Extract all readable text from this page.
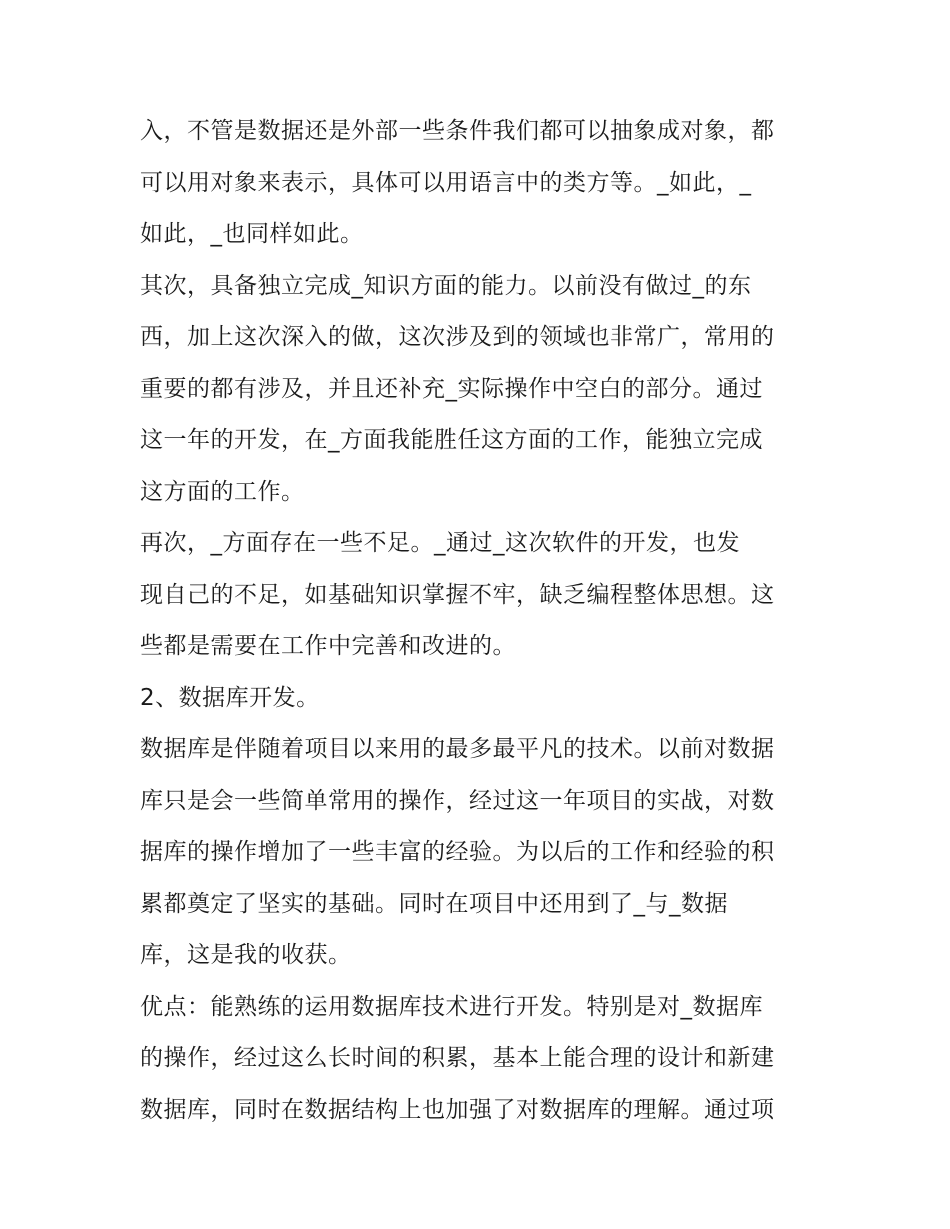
入，不管是数据还是外部一些条件我们都可以抽象成对象，都
可以用对象来表示，具体可以用语言中的类方等。_如此，_
如此，_也同样如此。
其次，具备独立完成_知识方面的能力。以前没有做过_的东
西，加上这次深入的做，这次涉及到的领域也非常广，常用的
重要的都有涉及，并且还补充_实际操作中空白的部分。通过
这一年的开发，在_方面我能胜任这方面的工作，能独立完成
这方面的工作。
再次，_方面存在一些不足。_通过_这次软件的开发，也发
现自己的不足，如基础知识掌握不牢，缺乏编程整体思想。这
些都是需要在工作中完善和改进的。
2、数据库开发。
数据库是伴随着项目以来用的最多最平凡的技术。以前对数据
库只是会一些简单常用的操作，经过这一年项目的实战，对数
据库的操作增加了一些丰富的经验。为以后的工作和经验的积
累都奠定了坚实的基础。同时在项目中还用到了_与_数据
库，这是我的收获。
优点：能熟练的运用数据库技术进行开发。特别是对_数据库
的操作，经过这么长时间的积累，基本上能合理的设计和新建
数据库，同时在数据结构上也加强了对数据库的理解。通过项
